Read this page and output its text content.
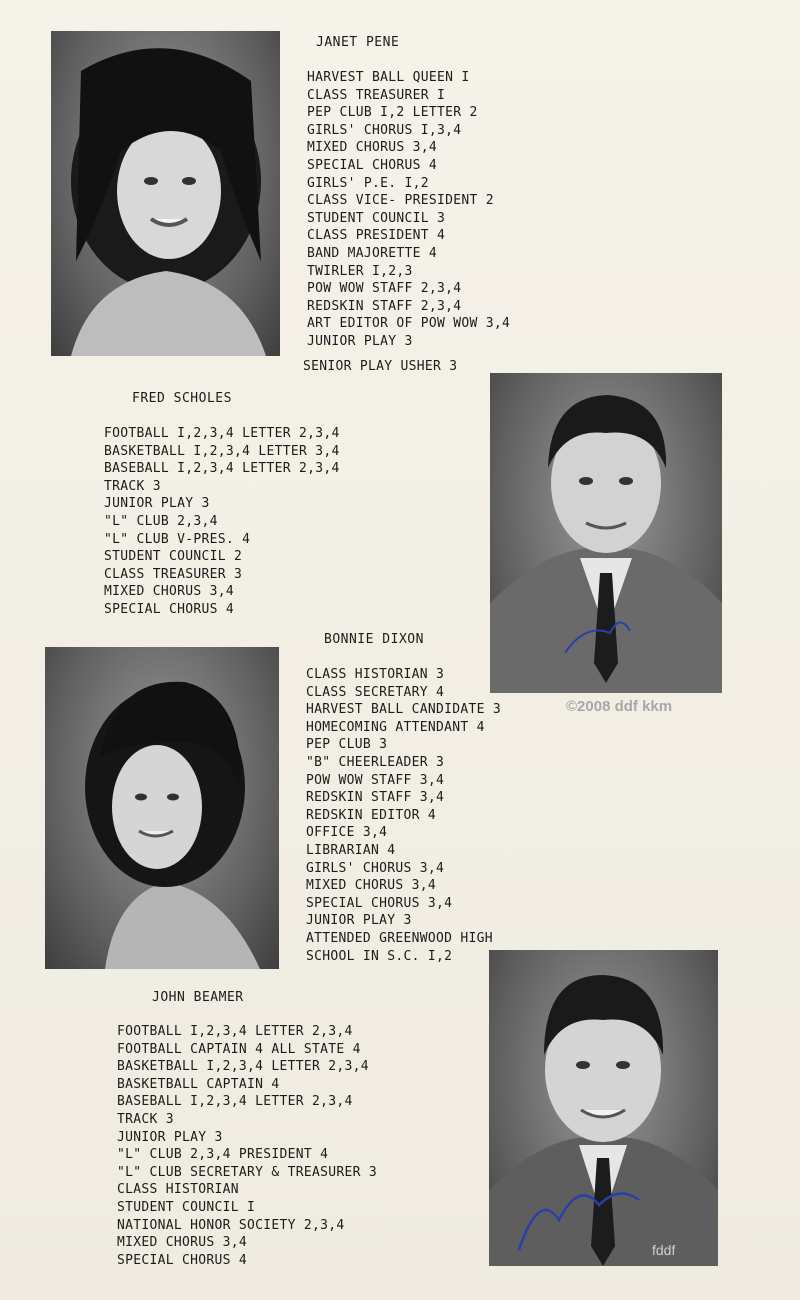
JANET PENE
HARVEST BALL QUEEN I
CLASS TREASURER I
PEP CLUB I,2 LETTER 2
GIRLS' CHORUS I,3,4
MIXED CHORUS 3,4
SPECIAL CHORUS 4
GIRLS' P.E. I,2
CLASS VICE- PRESIDENT 2
STUDENT COUNCIL 3
CLASS PRESIDENT 4
BAND MAJORETTE 4
TWIRLER I,2,3
POW WOW STAFF 2,3,4
REDSKIN STAFF 2,3,4
ART EDITOR OF POW WOW 3,4
JUNIOR PLAY 3
SENIOR PLAY USHER 3
FRED SCHOLES
FOOTBALL I,2,3,4 LETTER 2,3,4
BASKETBALL I,2,3,4 LETTER 3,4
BASEBALL I,2,3,4 LETTER 2,3,4
TRACK 3
JUNIOR PLAY 3
"L" CLUB 2,3,4
"L" CLUB V-PRES. 4
STUDENT COUNCIL 2
CLASS TREASURER 3
MIXED CHORUS 3,4
SPECIAL CHORUS 4
©2008 ddf kkm
BONNIE DIXON
CLASS HISTORIAN 3
CLASS SECRETARY 4
HARVEST BALL CANDIDATE 3
HOMECOMING ATTENDANT 4
PEP CLUB 3
"B" CHEERLEADER 3
POW WOW STAFF 3,4
REDSKIN STAFF 3,4
REDSKIN EDITOR 4
OFFICE 3,4
LIBRARIAN 4
GIRLS' CHORUS 3,4
MIXED CHORUS 3,4
SPECIAL CHORUS 3,4
JUNIOR PLAY 3
ATTENDED GREENWOOD HIGH
SCHOOL IN S.C. I,2
JOHN BEAMER
FOOTBALL I,2,3,4 LETTER 2,3,4
FOOTBALL CAPTAIN 4 ALL STATE 4
BASKETBALL I,2,3,4 LETTER 2,3,4
BASKETBALL CAPTAIN 4
BASEBALL I,2,3,4 LETTER 2,3,4
TRACK 3
JUNIOR PLAY 3
"L" CLUB 2,3,4 PRESIDENT 4
"L" CLUB SECRETARY & TREASURER 3
CLASS HISTORIAN
STUDENT COUNCIL I
NATIONAL HONOR SOCIETY 2,3,4
MIXED CHORUS 3,4
SPECIAL CHORUS 4
fddf
